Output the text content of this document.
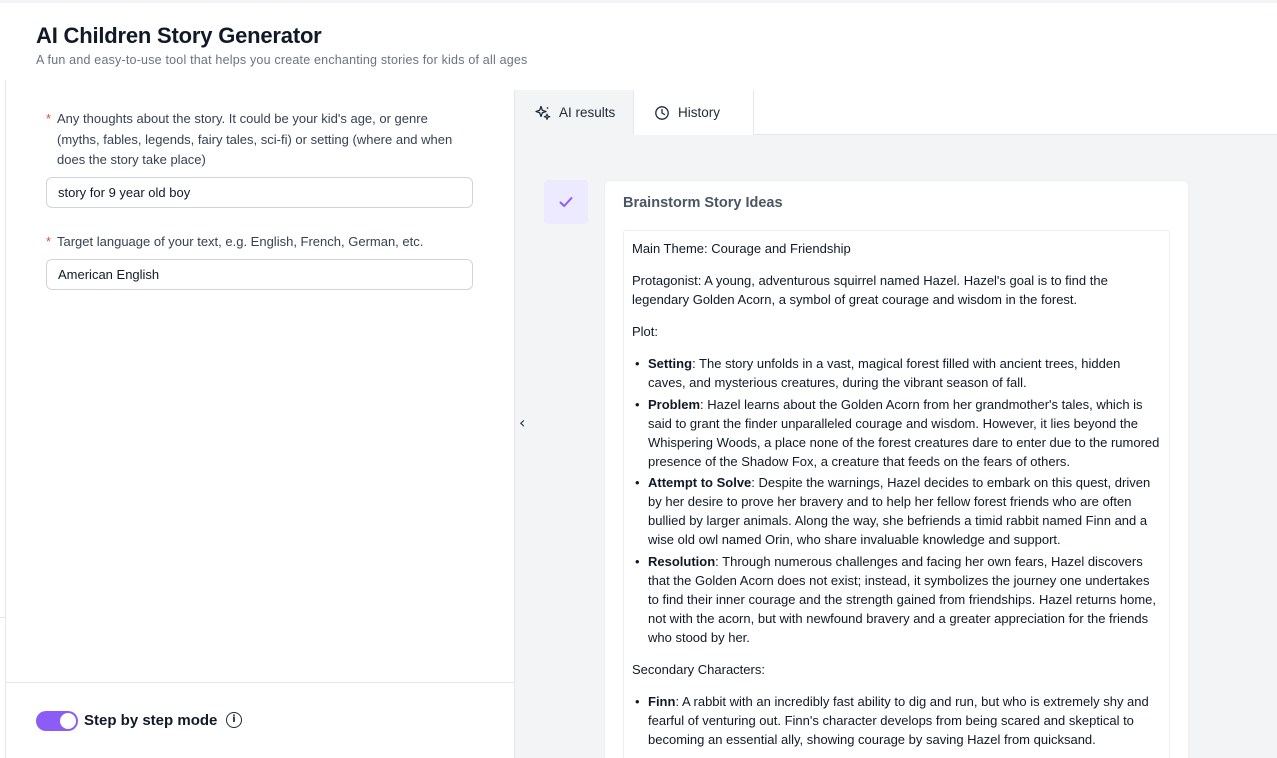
AI Children Story Generator
A fun and easy-to-use tool that helps you create enchanting stories for kids of all ages
* Any thoughts about the story. It could be your kid's age, or genre (myths, fables, legends, fairy tales, sci-fi) or setting (where and when does the story take place)
story for 9 year old boy
* Target language of your text, e.g. English, French, German, etc.
American English
Step by step mode	i
AI results	History
‹
Brainstorm Story Ideas

Main Theme: Courage and Friendship

Protagonist: A young, adventurous squirrel named Hazel. Hazel's goal is to find the legendary Golden Acorn, a symbol of great courage and wisdom in the forest.

Plot:

• Setting: The story unfolds in a vast, magical forest filled with ancient trees, hidden caves, and mysterious creatures, during the vibrant season of fall.
• Problem: Hazel learns about the Golden Acorn from her grandmother's tales, which is said to grant the finder unparalleled courage and wisdom. However, it lies beyond the Whispering Woods, a place none of the forest creatures dare to enter due to the rumored presence of the Shadow Fox, a creature that feeds on the fears of others.
• Attempt to Solve: Despite the warnings, Hazel decides to embark on this quest, driven by her desire to prove her bravery and to help her fellow forest friends who are often bullied by larger animals. Along the way, she befriends a timid rabbit named Finn and a wise old owl named Orin, who share invaluable knowledge and support.
• Resolution: Through numerous challenges and facing her own fears, Hazel discovers that the Golden Acorn does not exist; instead, it symbolizes the journey one undertakes to find their inner courage and the strength gained from friendships. Hazel returns home, not with the acorn, but with newfound bravery and a greater appreciation for the friends who stood by her.

Secondary Characters:

• Finn: A rabbit with an incredibly fast ability to dig and run, but who is extremely shy and fearful of venturing out. Finn's character develops from being scared and skeptical to becoming an essential ally, showing courage by saving Hazel from quicksand.
